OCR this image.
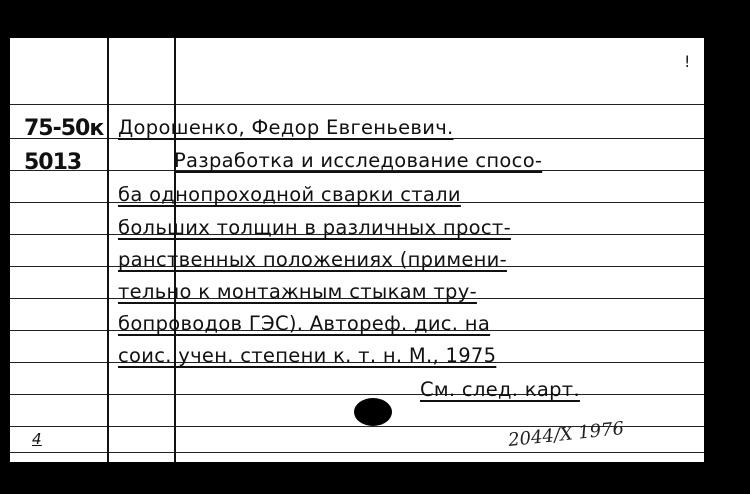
!
75-50к
5013
Дорошенко, Федор Евгеньевич.
Разработка и исследование спосо-
ба однопроходной сварки стали
больших толщин в различных прост-
ранственных положениях (примени-
тельно к монтажным стыкам тру-
бопроводов ГЭС). Автореф. дис. на
соис. учен. степени к. т. н. М., 1975
См. след. карт.
4	2044/X 1976
